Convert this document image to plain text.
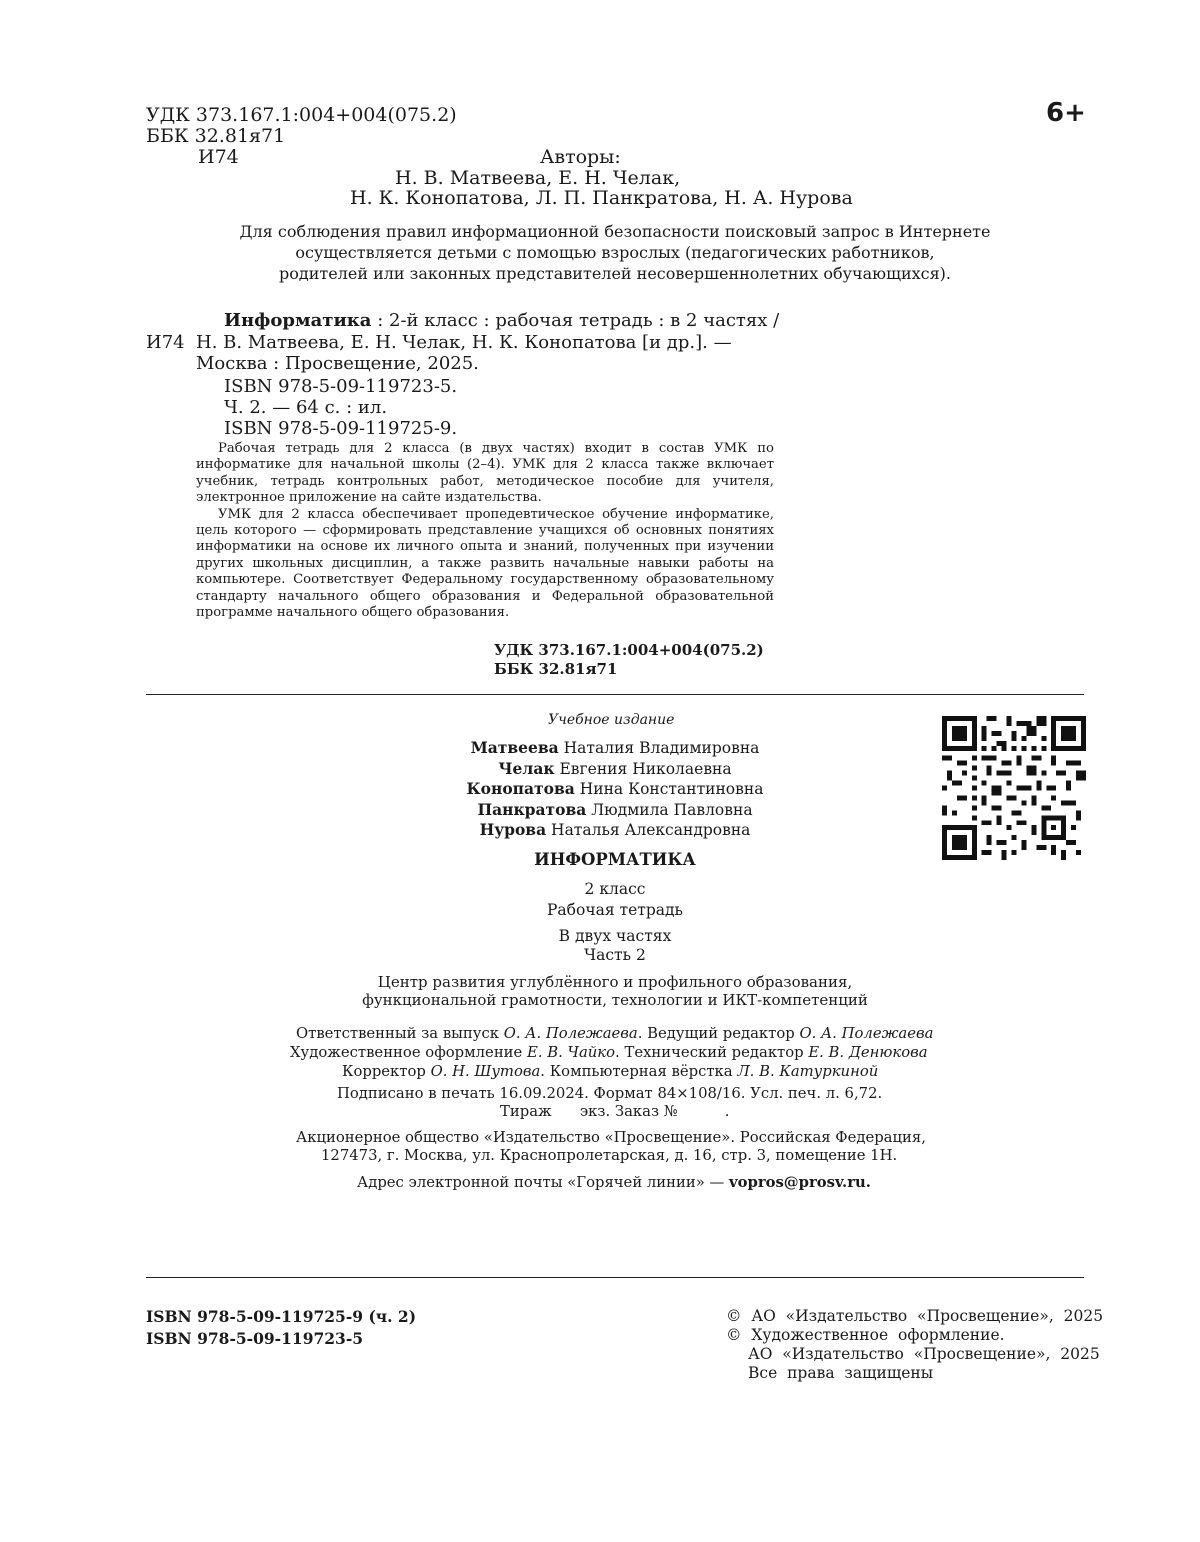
УДК 373.167.1:004+004(075.2)
ББК 32.81я71
И74
6+
Авторы:
Н. В. Матвеева, Е. Н. Челак,
Н. К. Конопатова, Л. П. Панкратова, Н. А. Нурова
Для соблюдения правил информационной безопасности поисковый запрос в Интернете
осуществляется детьми с помощью взрослых (педагогических работников,
родителей или законных представителей несовершеннолетних обучающихся).
Информатика : 2-й класс : рабочая тетрадь : в 2 частях /
И74 Н. В. Матвеева, Е. Н. Челак, Н. К. Конопатова [и др.]. —
Москва : Просвещение, 2025.
ISBN 978-5-09-119723-5.
Ч. 2. — 64 с. : ил.
ISBN 978-5-09-119725-9.

Рабочая тетрадь для 2 класса (в двух частях) входит в состав УМК по информатике для начальной школы (2–4). УМК для 2 класса также включает учебник, тетрадь контрольных работ, методическое пособие для учителя, электронное приложение на сайте издательства.

УМК для 2 класса обеспечивает пропедевтическое обучение информатике, цель которого — сформировать представление учащихся об основных понятиях информатики на основе их личного опыта и знаний, полученных при изучении других школьных дисциплин, а также развить начальные навыки работы на компьютере. Соответствует Федеральному государственному образовательному стандарту начального общего образования и Федеральной образовательной программе начального общего образования.

УДК 373.167.1:004+004(075.2)
ББК 32.81я71
Учебное издание
Матвеева Наталия Владимировна
Челак Евгения Николаевна
Конопатова Нина Константиновна
Панкратова Людмила Павловна
Нурова Наталья Александровна
ИНФОРМАТИКА
2 класс
Рабочая тетрадь
В двух частях
Часть 2
Центр развития углублённого и профильного образования,
функциональной грамотности, технологии и ИКТ-компетенций
Ответственный за выпуск О. А. Полежаева. Ведущий редактор О. А. Полежаева
Художественное оформление Е. В. Чайко. Технический редактор Е. В. Денюкова
Корректор О. Н. Шутова. Компьютерная вёрстка Л. В. Катуркиной
Подписано в печать 16.09.2024. Формат 84×108/16. Усл. печ. л. 6,72.
Тираж      экз. Заказ №          .
Акционерное общество «Издательство «Просвещение». Российская Федерация,
127473, г. Москва, ул. Краснопролетарская, д. 16, стр. 3, помещение 1Н.
Адрес электронной почты «Горячей линии» — vopros@prosv.ru.
ISBN 978-5-09-119725-9 (ч. 2)
ISBN 978-5-09-119723-5
©  АО  «Издательство  «Просвещение»,  2025
©  Художественное  оформление.
АО  «Издательство  «Просвещение»,  2025
Все  права  защищены
